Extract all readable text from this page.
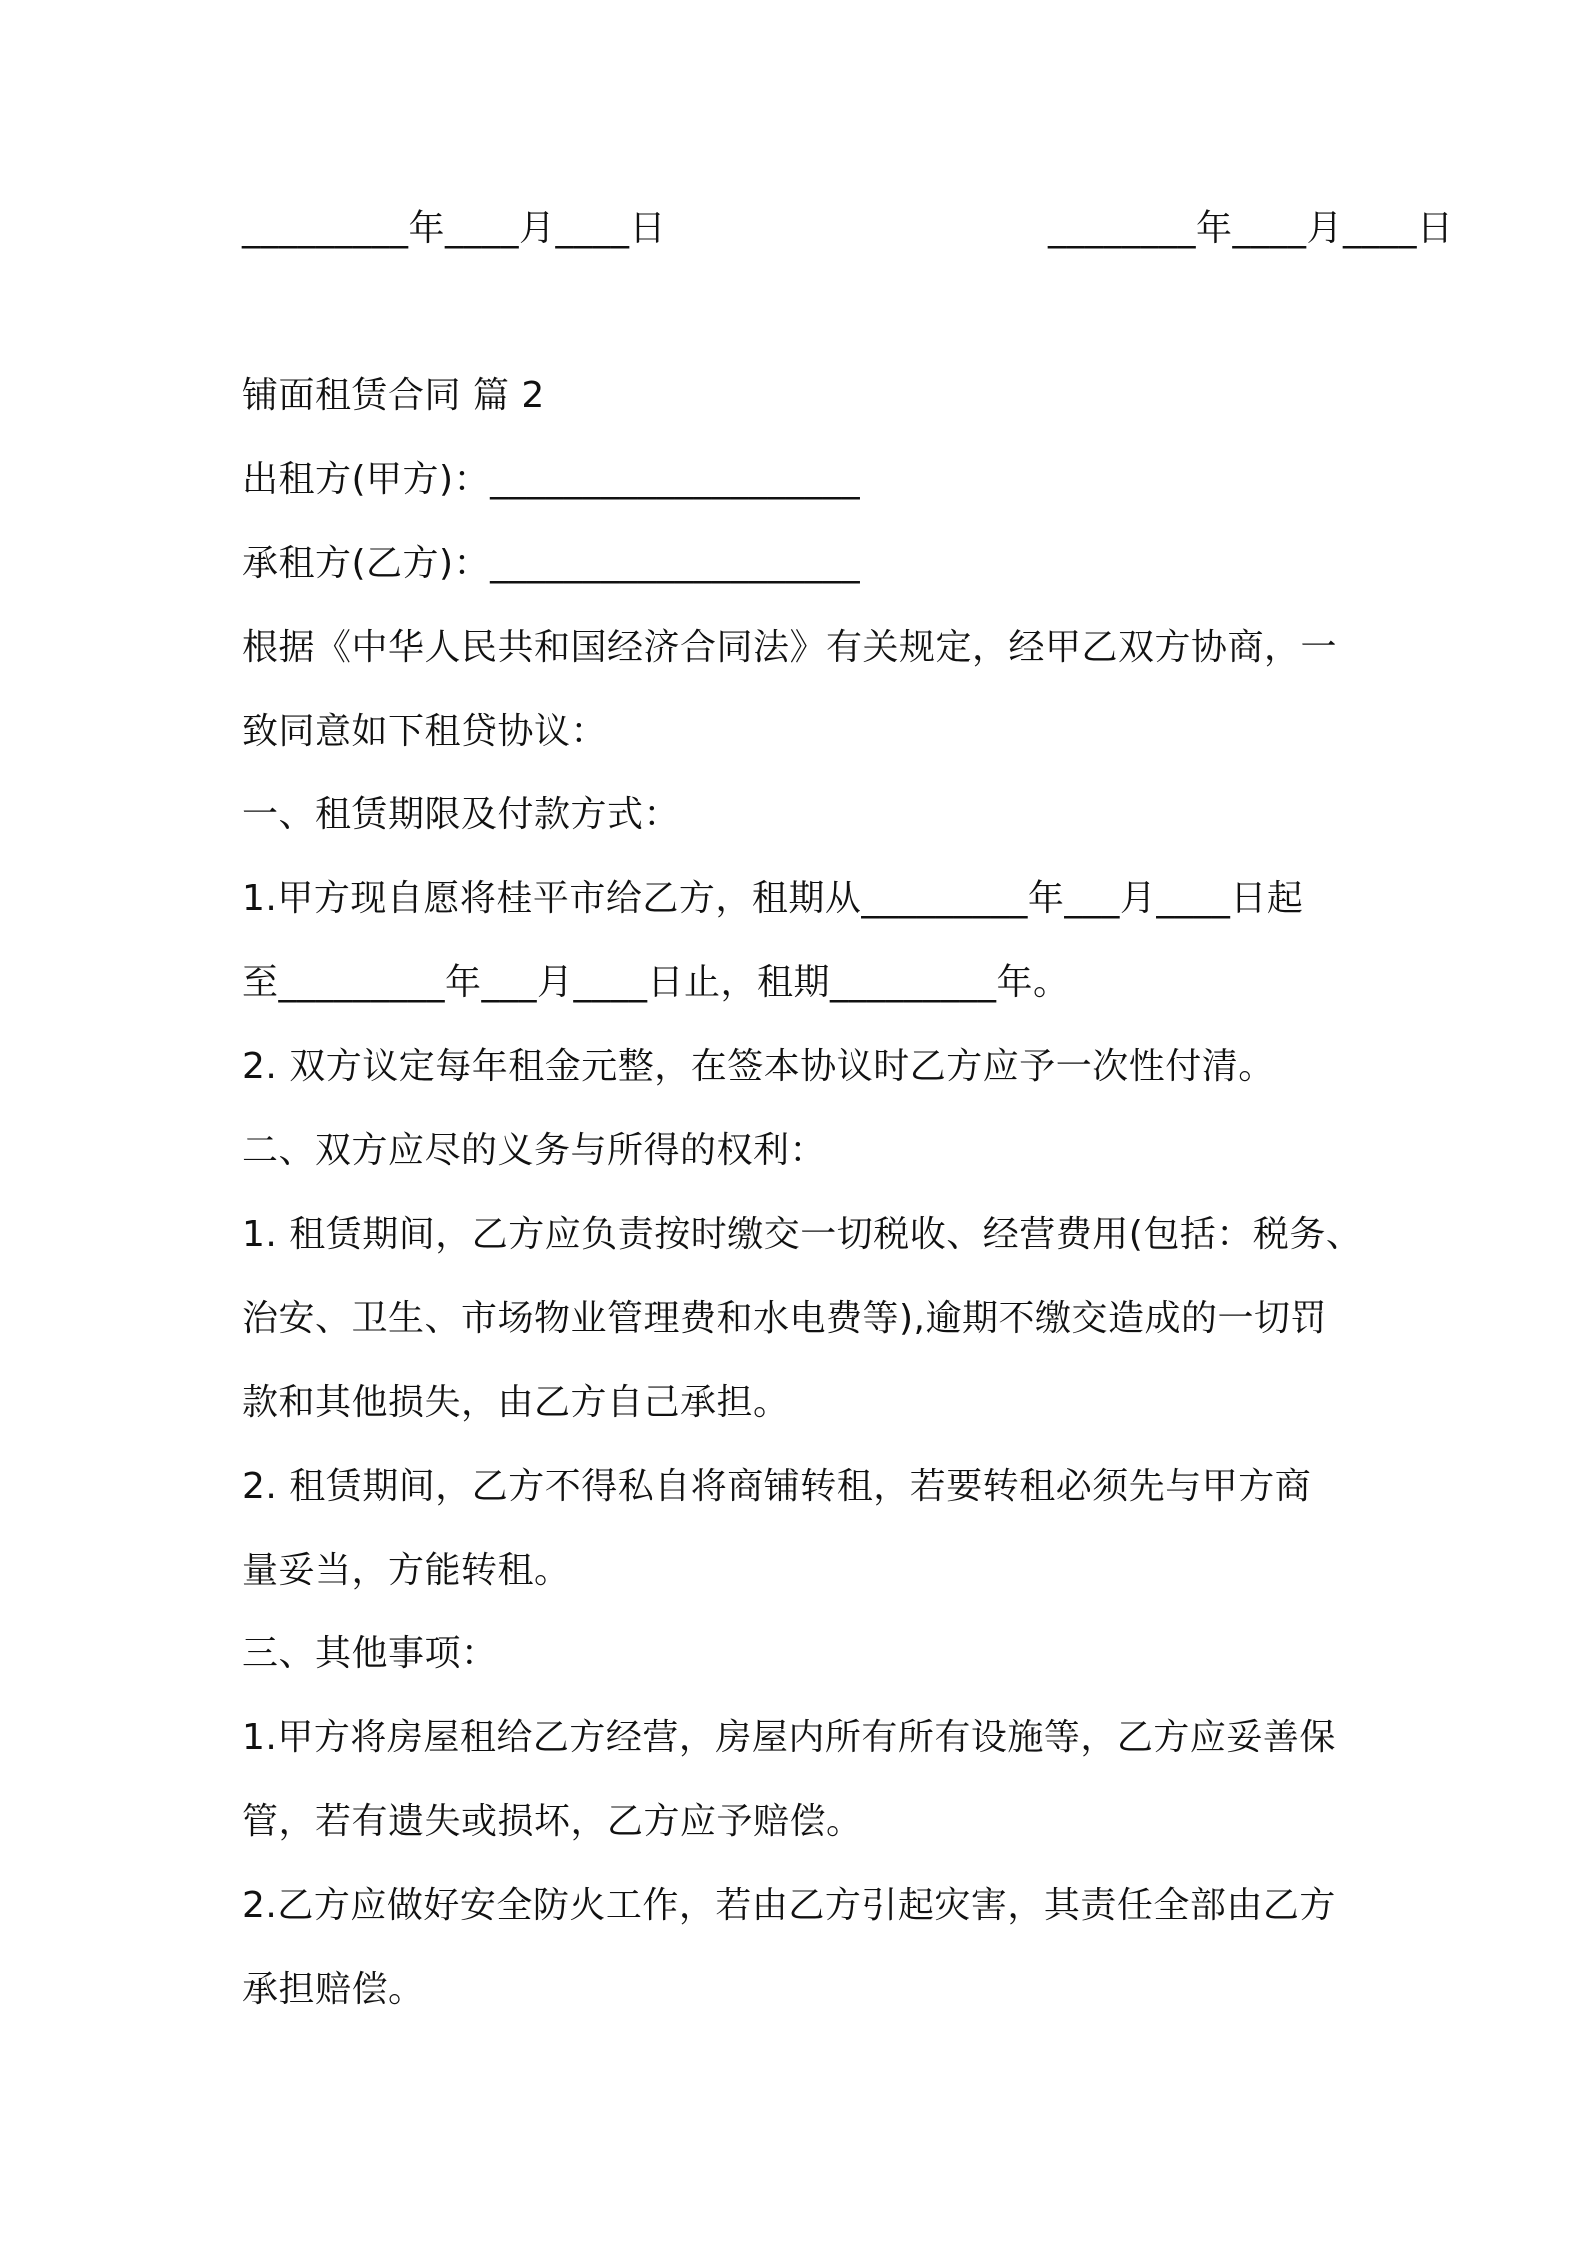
_________年____月____日	________年____月____日
铺面租赁合同 篇 2
出租方(甲方)：____________________
承租方(乙方)：____________________
根据《中华人民共和国经济合同法》有关规定，经甲乙双方协商，一
致同意如下租贷协议：
一、租赁期限及付款方式：
1.甲方现自愿将桂平市给乙方，租期从_________年___月____日起
至_________年___月____日止，租期_________年。
2. 双方议定每年租金元整，在签本协议时乙方应予一次性付清。
二、双方应尽的义务与所得的权利：
1. 租赁期间，乙方应负责按时缴交一切税收、经营费用(包括：税务、
治安、卫生、市场物业管理费和水电费等),逾期不缴交造成的一切罚
款和其他损失，由乙方自己承担。
2. 租赁期间，乙方不得私自将商铺转租，若要转租必须先与甲方商
量妥当，方能转租。
三、其他事项：
1.甲方将房屋租给乙方经营，房屋内所有所有设施等，乙方应妥善保
管，若有遗失或损坏，乙方应予赔偿。
2.乙方应做好安全防火工作，若由乙方引起灾害，其责任全部由乙方
承担赔偿。
